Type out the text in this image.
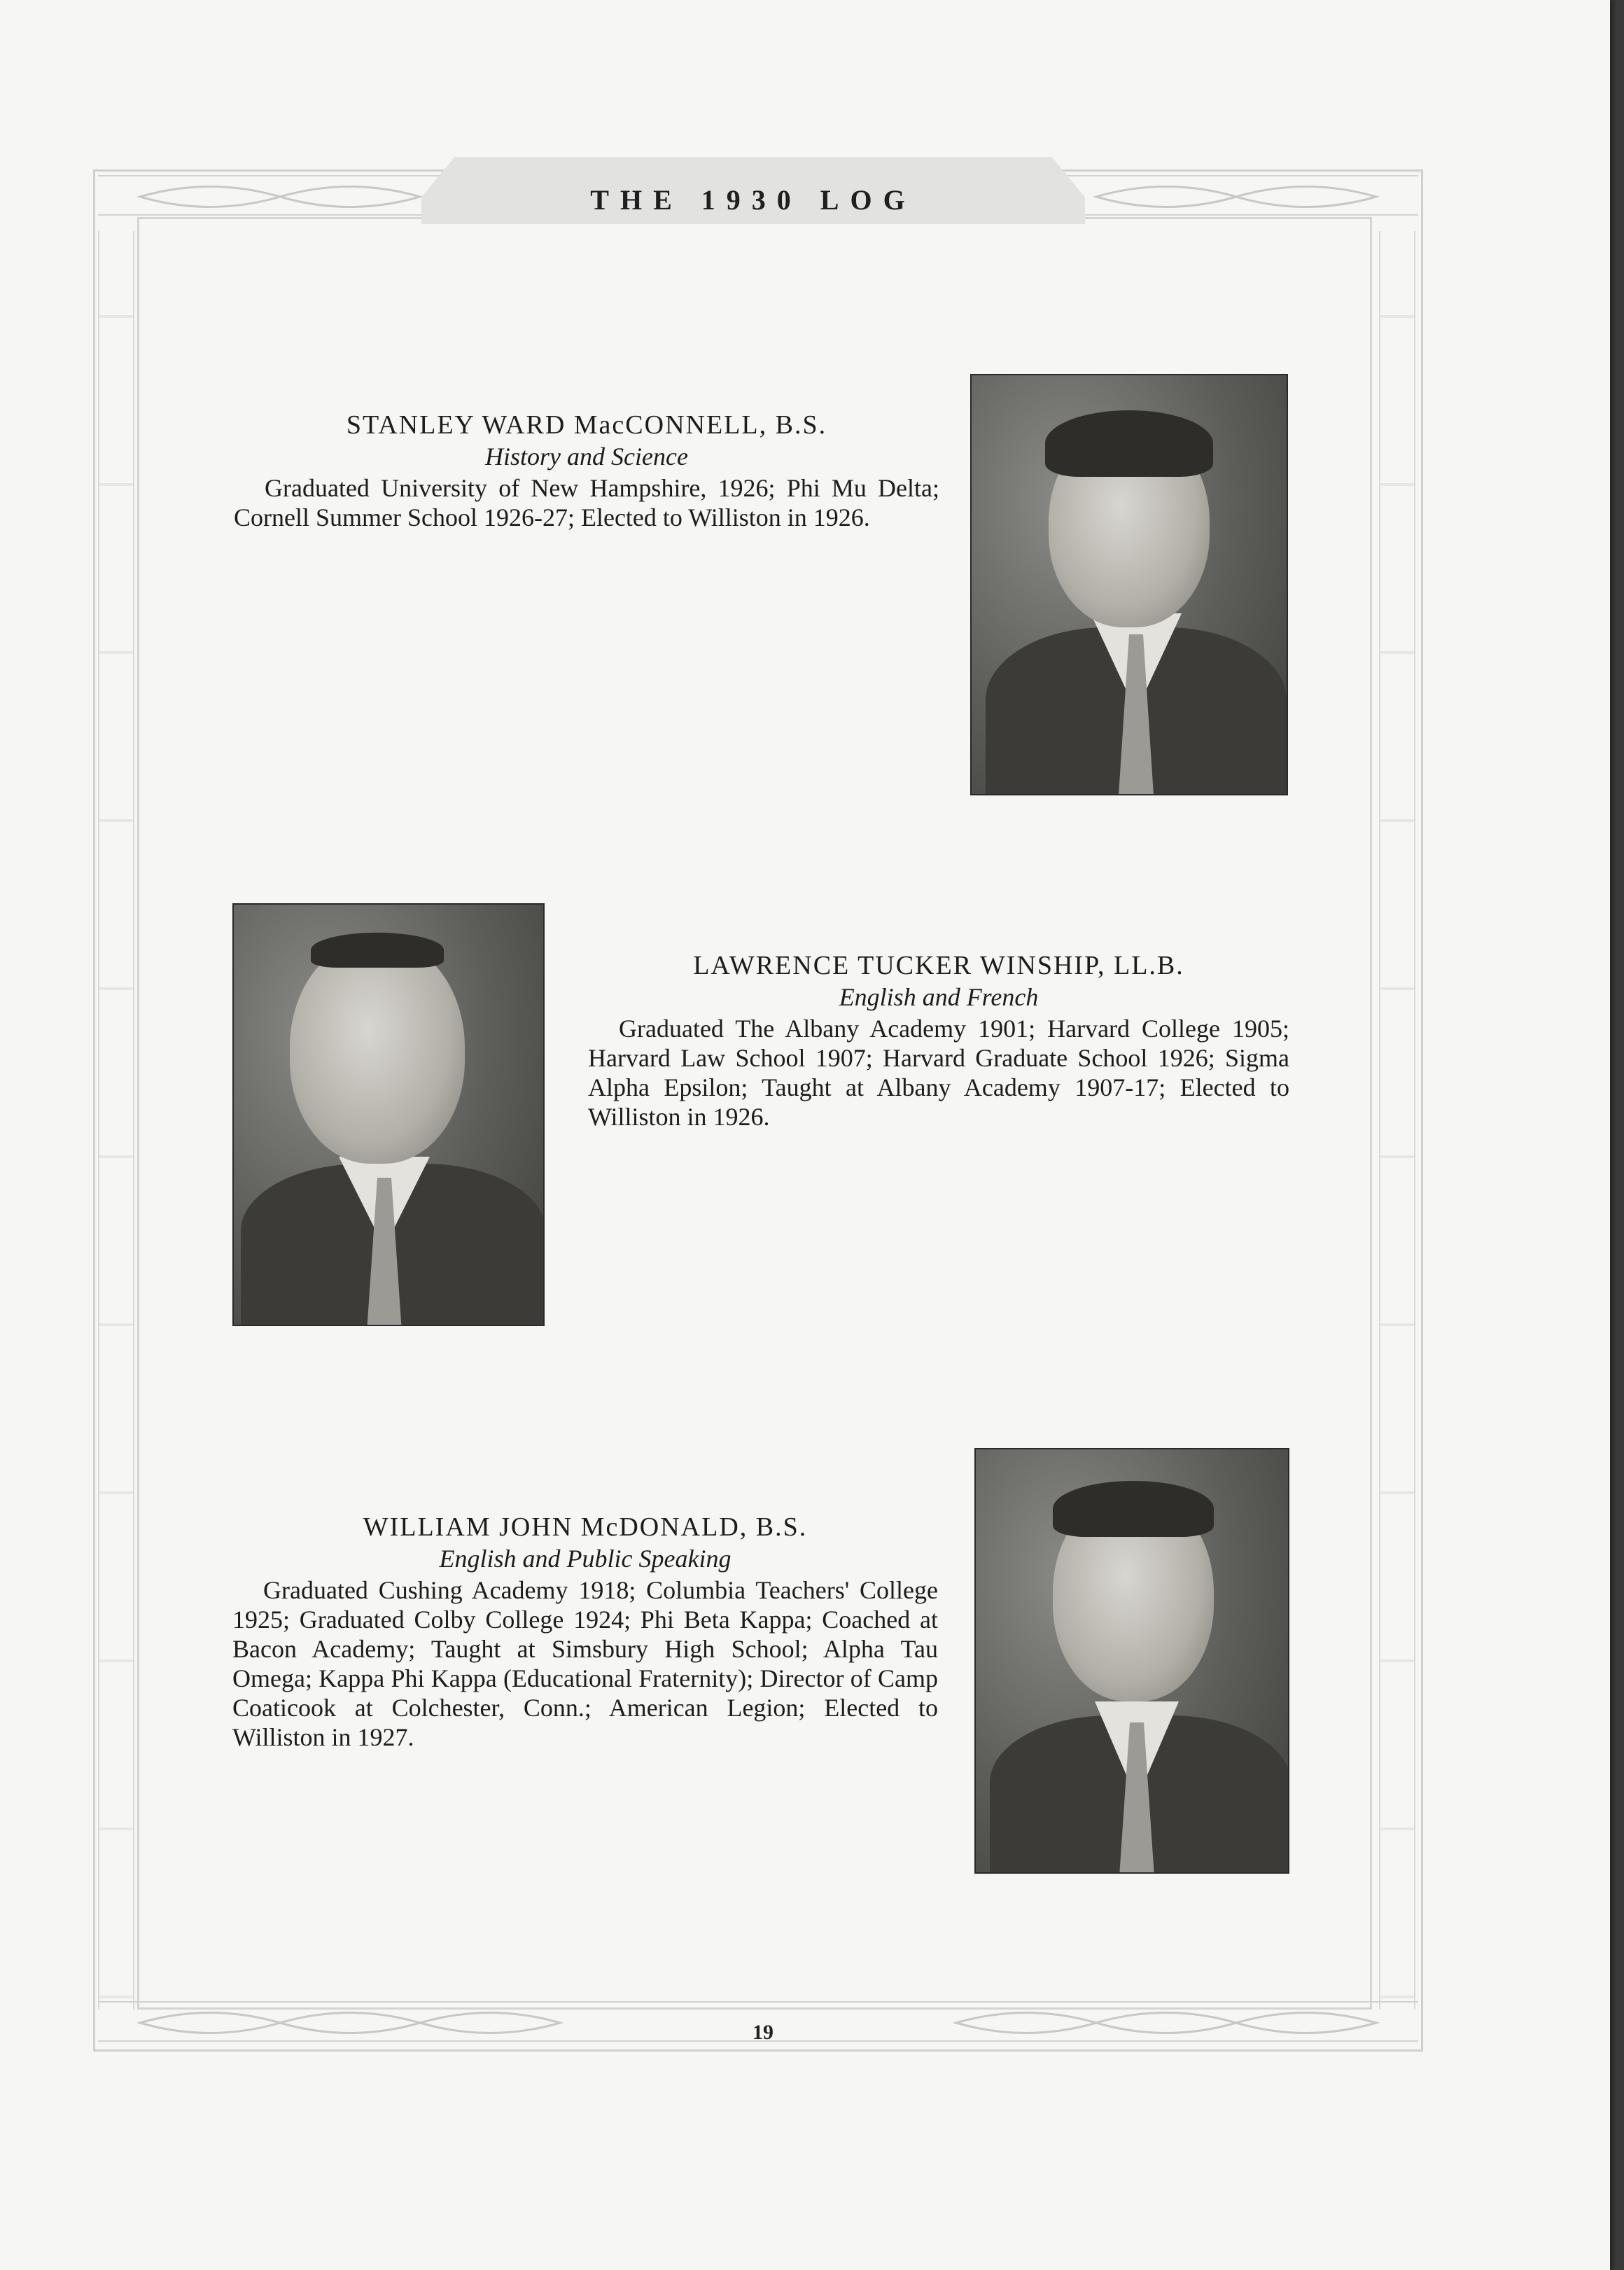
THE 1930 LOG
STANLEY WARD MacCONNELL, B.S.
History and Science
Graduated University of New Hampshire, 1926; Phi Mu Delta; Cornell Summer School 1926-27; Elected to Williston in 1926.
LAWRENCE TUCKER WINSHIP, LL.B.
English and French
Graduated The Albany Academy 1901; Harvard College 1905; Harvard Law School 1907; Harvard Graduate School 1926; Sigma Alpha Epsilon; Taught at Albany Academy 1907-17; Elected to Williston in 1926.
WILLIAM JOHN McDONALD, B.S.
English and Public Speaking
Graduated Cushing Academy 1918; Columbia Teachers' College 1925; Graduated Colby College 1924; Phi Beta Kappa; Coached at Bacon Academy; Taught at Simsbury High School; Alpha Tau Omega; Kappa Phi Kappa (Educational Fraternity); Director of Camp Coaticook at Colchester, Conn.; American Legion; Elected to Williston in 1927.
19
